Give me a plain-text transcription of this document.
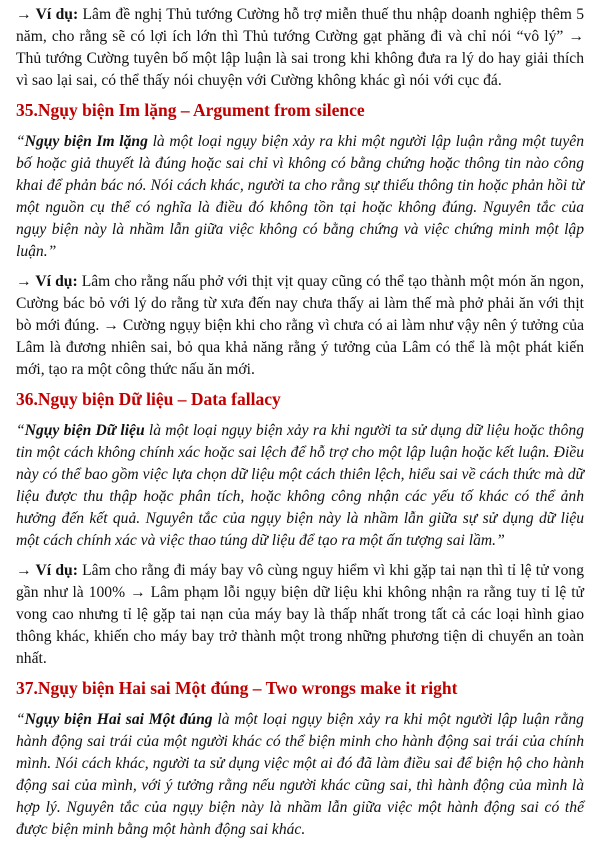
→ Ví dụ: Lâm đề nghị Thủ tướng Cường hỗ trợ miễn thuế thu nhập doanh nghiệp thêm 5 năm, cho rằng sẽ có lợi ích lớn thì Thủ tướng Cường gạt phăng đi và chỉ nói “vô lý” → Thủ tướng Cường tuyên bố một lập luận là sai trong khi không đưa ra lý do hay giải thích vì sao lại sai, có thể thấy nói chuyện với Cường không khác gì nói với cục đá.

35.Ngụy biện Im lặng – Argument from silence

“Ngụy biện Im lặng là một loại ngụy biện xảy ra khi một người lập luận rằng một tuyên bố hoặc giả thuyết là đúng hoặc sai chỉ vì không có bằng chứng hoặc thông tin nào công khai để phản bác nó. Nói cách khác, người ta cho rằng sự thiếu thông tin hoặc phản hồi từ một nguồn cụ thể có nghĩa là điều đó không tồn tại hoặc không đúng. Nguyên tắc của ngụy biện này là nhầm lẫn giữa việc không có bằng chứng và việc chứng minh một lập luận.”

→ Ví dụ: Lâm cho rằng nấu phở với thịt vịt quay cũng có thể tạo thành một món ăn ngon, Cường bác bỏ với lý do rằng từ xưa đến nay chưa thấy ai làm thế mà phở phải ăn với thịt bò mới đúng. → Cường ngụy biện khi cho rằng vì chưa có ai làm như vậy nên ý tưởng của Lâm là đương nhiên sai, bỏ qua khả năng rằng ý tưởng của Lâm có thể là một phát kiến mới, tạo ra một công thức nấu ăn mới.

36.Ngụy biện Dữ liệu – Data fallacy

“Ngụy biện Dữ liệu là một loại ngụy biện xảy ra khi người ta sử dụng dữ liệu hoặc thông tin một cách không chính xác hoặc sai lệch để hỗ trợ cho một lập luận hoặc kết luận. Điều này có thể bao gồm việc lựa chọn dữ liệu một cách thiên lệch, hiểu sai về cách thức mà dữ liệu được thu thập hoặc phân tích, hoặc không công nhận các yếu tố khác có thể ảnh hưởng đến kết quả. Nguyên tắc của ngụy biện này là nhầm lẫn giữa sự sử dụng dữ liệu một cách chính xác và việc thao túng dữ liệu để tạo ra một ấn tượng sai lầm.”

→ Ví dụ: Lâm cho rằng đi máy bay vô cùng nguy hiểm vì khi gặp tai nạn thì tỉ lệ tử vong gần như là 100% → Lâm phạm lỗi ngụy biện dữ liệu khi không nhận ra rằng tuy tỉ lệ tử vong cao nhưng tỉ lệ gặp tai nạn của máy bay là thấp nhất trong tất cả các loại hình giao thông khác, khiến cho máy bay trở thành một trong những phương tiện di chuyển an toàn nhất.

37.Ngụy biện Hai sai Một đúng – Two wrongs make it right

“Ngụy biện Hai sai Một đúng là một loại ngụy biện xảy ra khi một người lập luận rằng hành động sai trái của một người khác có thể biện minh cho hành động sai trái của chính mình. Nói cách khác, người ta sử dụng việc một ai đó đã làm điều sai để biện hộ cho hành động sai của mình, với ý tưởng rằng nếu người khác cũng sai, thì hành động của mình là hợp lý. Nguyên tắc của ngụy biện này là nhầm lẫn giữa việc một hành động sai có thể được biện minh bằng một hành động sai khác.
